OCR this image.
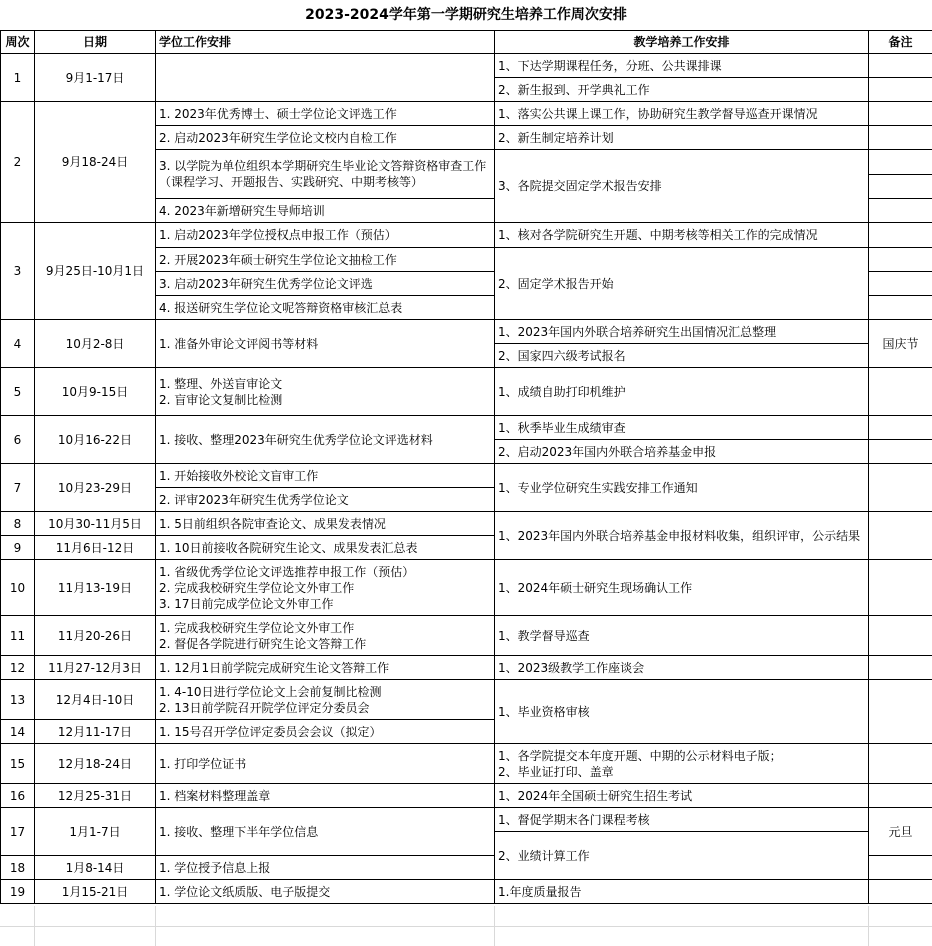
2023-2024学年第一学期研究生培养工作周次安排
周次	日期	学位工作安排	教学培养工作安排	备注
1	9月1-17日		1、下达学期课程任务，分班、公共课排课	
			2、新生报到、开学典礼工作	
2	9月18-24日	1. 2023年优秀博士、硕士学位论文评选工作	1、落实公共课上课工作，协助研究生教学督导巡查开课情况	
		2. 启动2023年研究生学位论文校内自检工作	2、新生制定培养计划	
		3. 以学院为单位组织本学期研究生毕业论文答辩资格审查工作（课程学习、开题报告、实践研究、中期考核等）	3、各院提交固定学术报告安排	

		4. 2023年新增研究生导师培训		
3	9月25日-10月1日	1. 启动2023年学位授权点申报工作（预估）	1、核对各学院研究生开题、中期考核等相关工作的完成情况	
		2. 开展2023年硕士研究生学位论文抽检工作	2、固定学术报告开始	
		3. 启动2023年研究生优秀学位论文评选		
		4. 报送研究生学位论文呢答辩资格审核汇总表		
4	10月2-8日	1. 准备外审论文评阅书等材料	1、2023年国内外联合培养研究生出国情况汇总整理	国庆节
			2、国家四六级考试报名	
5	10月9-15日	1. 整理、外送盲审论文
2. 盲审论文复制比检测	1、成绩自助打印机维护	
6	10月16-22日	1. 接收、整理2023年研究生优秀学位论文评选材料	1、秋季毕业生成绩审查	
			2、启动2023年国内外联合培养基金申报	
7	10月23-29日	1. 开始接收外校论文盲审工作	1、专业学位研究生实践安排工作通知	
		2. 评审2023年研究生优秀学位论文		
8	10月30-11月5日	1. 5日前组织各院审查论文、成果发表情况	1、2023年国内外联合培养基金申报材料收集，组织评审，公示结果	
9	11月6日-12日	1. 10日前接收各院研究生论文、成果发表汇总表		
10	11月13-19日	1. 省级优秀学位论文评选推荐申报工作（预估）
2. 完成我校研究生学位论文外审工作
3. 17日前完成学位论文外审工作	1、2024年硕士研究生现场确认工作	
11	11月20-26日	1. 完成我校研究生学位论文外审工作
2. 督促各学院进行研究生论文答辩工作	1、教学督导巡查	
12	11月27-12月3日	1. 12月1日前学院完成研究生论文答辩工作	1、2023级教学工作座谈会	
13	12月4日-10日	1. 4-10日进行学位论文上会前复制比检测
2. 13日前学院召开院学位评定分委员会	1、毕业资格审核	
14	12月11-17日	1. 15号召开学位评定委员会会议（拟定）		
15	12月18-24日	1. 打印学位证书	1、各学院提交本年度开题、中期的公示材料电子版；
2、毕业证打印、盖章	

16	12月25-31日	1. 档案材料整理盖章	1、2024年全国硕士研究生招生考试	
17	1月1-7日	1. 接收、整理下半年学位信息	1、督促学期末各门课程考核	元旦
			2、业绩计算工作	
18	1月8-14日	1. 学位授予信息上报		
19	1月15-21日	1. 学位论文纸质版、电子版提交	1.年度质量报告	
